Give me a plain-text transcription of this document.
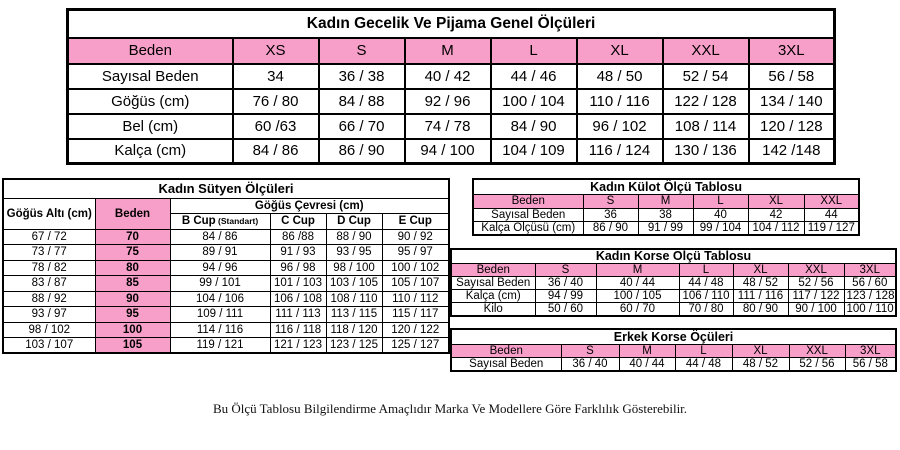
Kadın Gecelik Ve Pijama Genel Ölçüleri							
Beden	XS	S	M	L	XL	XXL	3XL
Sayısal Beden	34	36 / 38	40 / 42	44 / 46	48 / 50	52 / 54	56 / 58
Göğüs (cm)	76 / 80	84 / 88	92 / 96	100 / 104	110 / 116	122 / 128	134 / 140
Bel (cm)	60 /63	66 / 70	74 / 78	84 / 90	96 / 102	108 / 114	120 / 128
Kalça (cm)	84 / 86	86 / 90	94 / 100	104 / 109	116 / 124	130 / 136	142 /148
Kadın Sütyen Ölçüleri					
Göğüs Altı (cm)	Beden	Göğüs Çevresi (cm)			
		B Cup (Standart)	C Cup	D Cup	E Cup
67 / 72	70	84 / 86	86 /88	88 / 90	90 / 92
73 / 77	75	89 / 91	91 / 93	93 / 95	95 / 97
78 / 82	80	94 / 96	96 / 98	98 / 100	100 / 102
83 / 87	85	99 / 101	101 / 103	103 / 105	105 / 107
88 / 92	90	104 / 106	106 / 108	108 / 110	110 / 112
93 / 97	95	109 / 111	111 / 113	113 / 115	115 / 117
98 / 102	100	114 / 116	116 / 118	118 / 120	120 / 122
103 / 107	105	119 / 121	121 / 123	123 / 125	125 / 127
Kadın Külot Ölçü Tablosu					
Beden	S	M	L	XL	XXL
Sayısal Beden	36	38	40	42	44
Kalça Ölçüsü (cm)	86 / 90	91 / 99	99 / 104	104 / 112	119 / 127
Kadın Korse Ölçü Tablosu						
Beden	S	M	L	XL	XXL	3XL
Sayısal Beden	36 / 40	40 / 44	44 / 48	48 / 52	52 / 56	56 / 60
Kalça (cm)	94 / 99	100 / 105	106 / 110	111 / 116	117 / 122	123 / 128
Kilo	50 / 60	60 / 70	70 / 80	80 / 90	90 / 100	100 / 110
Erkek Korse Öçüleri						
Beden	S	M	L	XL	XXL	3XL
Sayısal Beden	36 / 40	40 / 44	44 / 48	48 / 52	52 / 56	56 / 58
Bu Ölçü Tablosu Bilgilendirme Amaçlıdır Marka Ve Modellere Göre Farklılık Gösterebilir.
